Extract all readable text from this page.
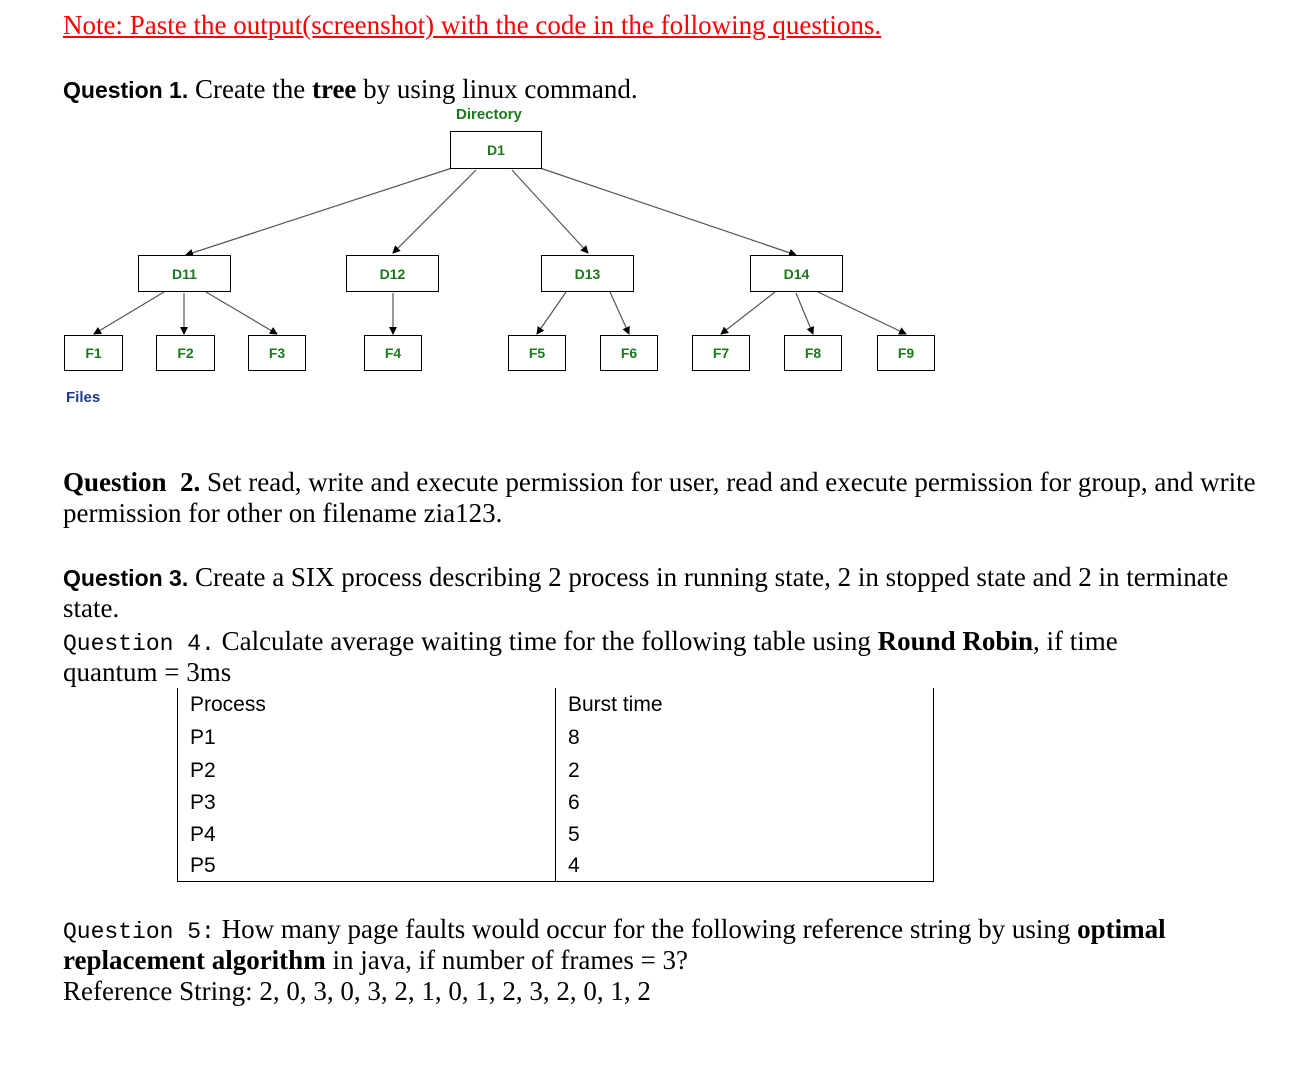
Note: Paste the output(screenshot) with the code in the following questions.
Question 1. Create the tree by using linux command.
Directory
D1
D11	D12	D13	D14
F1	F2	F3	F4	F5	F6	F7	F8	F9
Files
Question 2. Set read, write and execute permission for user, read and execute permission for group, and write
permission for other on filename zia123.
Question 3. Create a SIX process describing 2 process in running state, 2 in stopped state and 2 in terminate
state.
Question 4. Calculate average waiting time for the following table using Round Robin, if time
quantum = 3ms
Process	Burst time
P1	8
P2	2
P3	6
P4	5
P5	4
Question 5: How many page faults would occur for the following reference string by using optimal
replacement algorithm in java, if number of frames = 3?
Reference String: 2, 0, 3, 0, 3, 2, 1, 0, 1, 2, 3, 2, 0, 1, 2
